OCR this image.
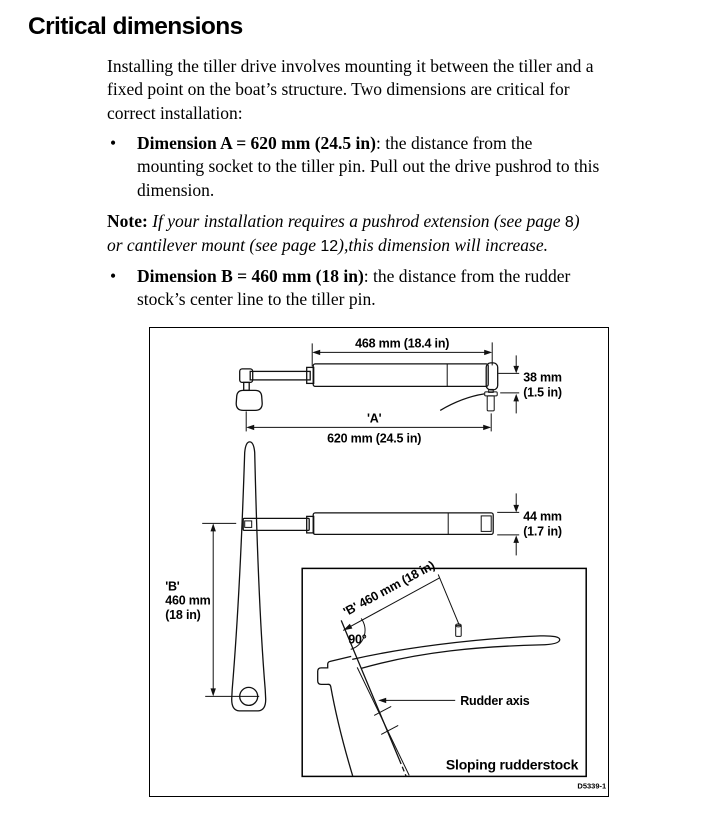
Critical dimensions
Installing the tiller drive involves mounting it between the tiller and a
fixed point on the boat’s structure. Two dimensions are critical for
correct installation:
• Dimension A = 620 mm (24.5 in): the distance from the
mounting socket to the tiller pin. Pull out the drive pushrod to this
dimension.
Note: If your installation requires a pushrod extension (see page 8)
or cantilever mount (see page 12),this dimension will increase.
• Dimension B = 460 mm (18 in): the distance from the rudder
stock’s center line to the tiller pin.
468 mm (18.4 in)
38 mm
(1.5 in)
'A'
620 mm (24.5 in)
'B'
460 mm
(18 in)
44 mm
(1.7 in)
'B' 460 mm (18 in)
90°
Rudder axis
Sloping rudderstock
D5339-1
